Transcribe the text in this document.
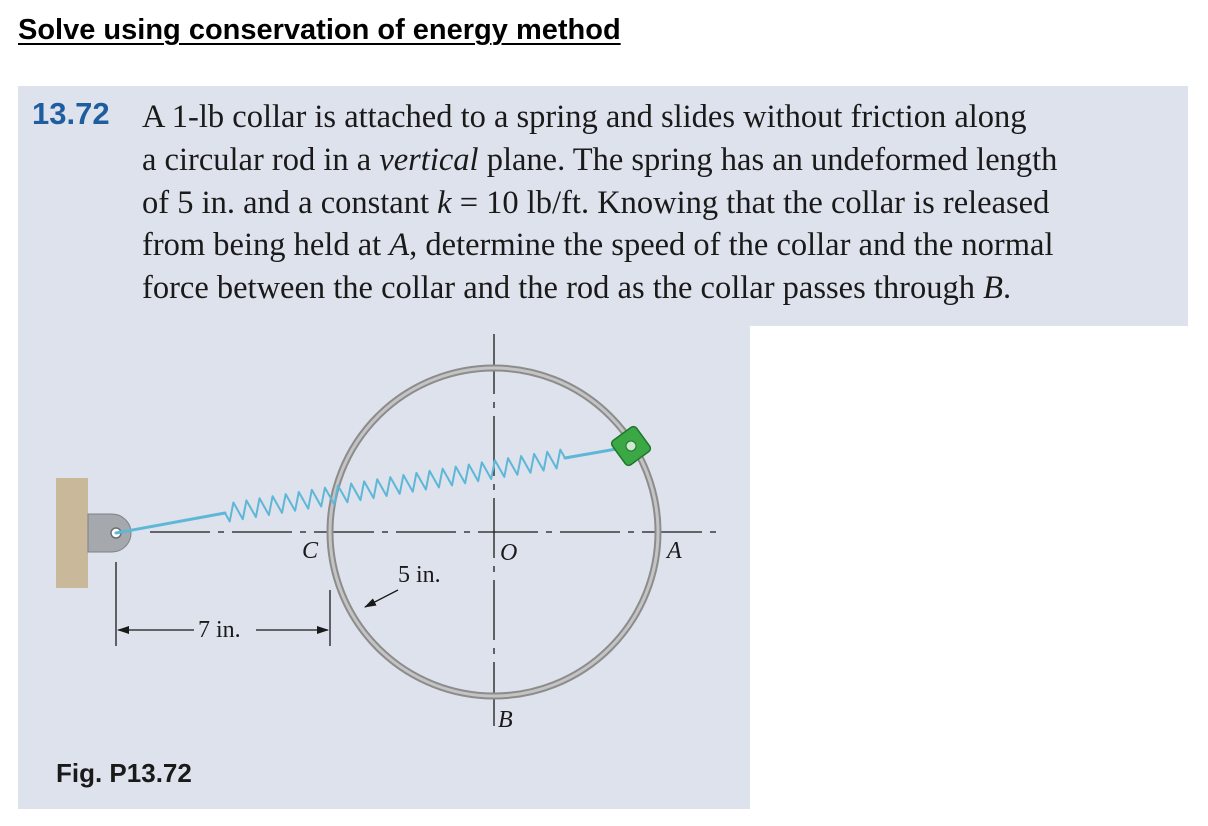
Solve using conservation of energy method
13.72 A 1-lb collar is attached to a spring and slides without friction along
a circular rod in a vertical plane. The spring has an undeformed length
of 5 in. and a constant k = 10 lb/ft. Knowing that the collar is released
from being held at A, determine the speed of the collar and the normal
force between the collar and the rod as the collar passes through B.
C	O	A
5 in.
7 in.
B
Fig. P13.72
